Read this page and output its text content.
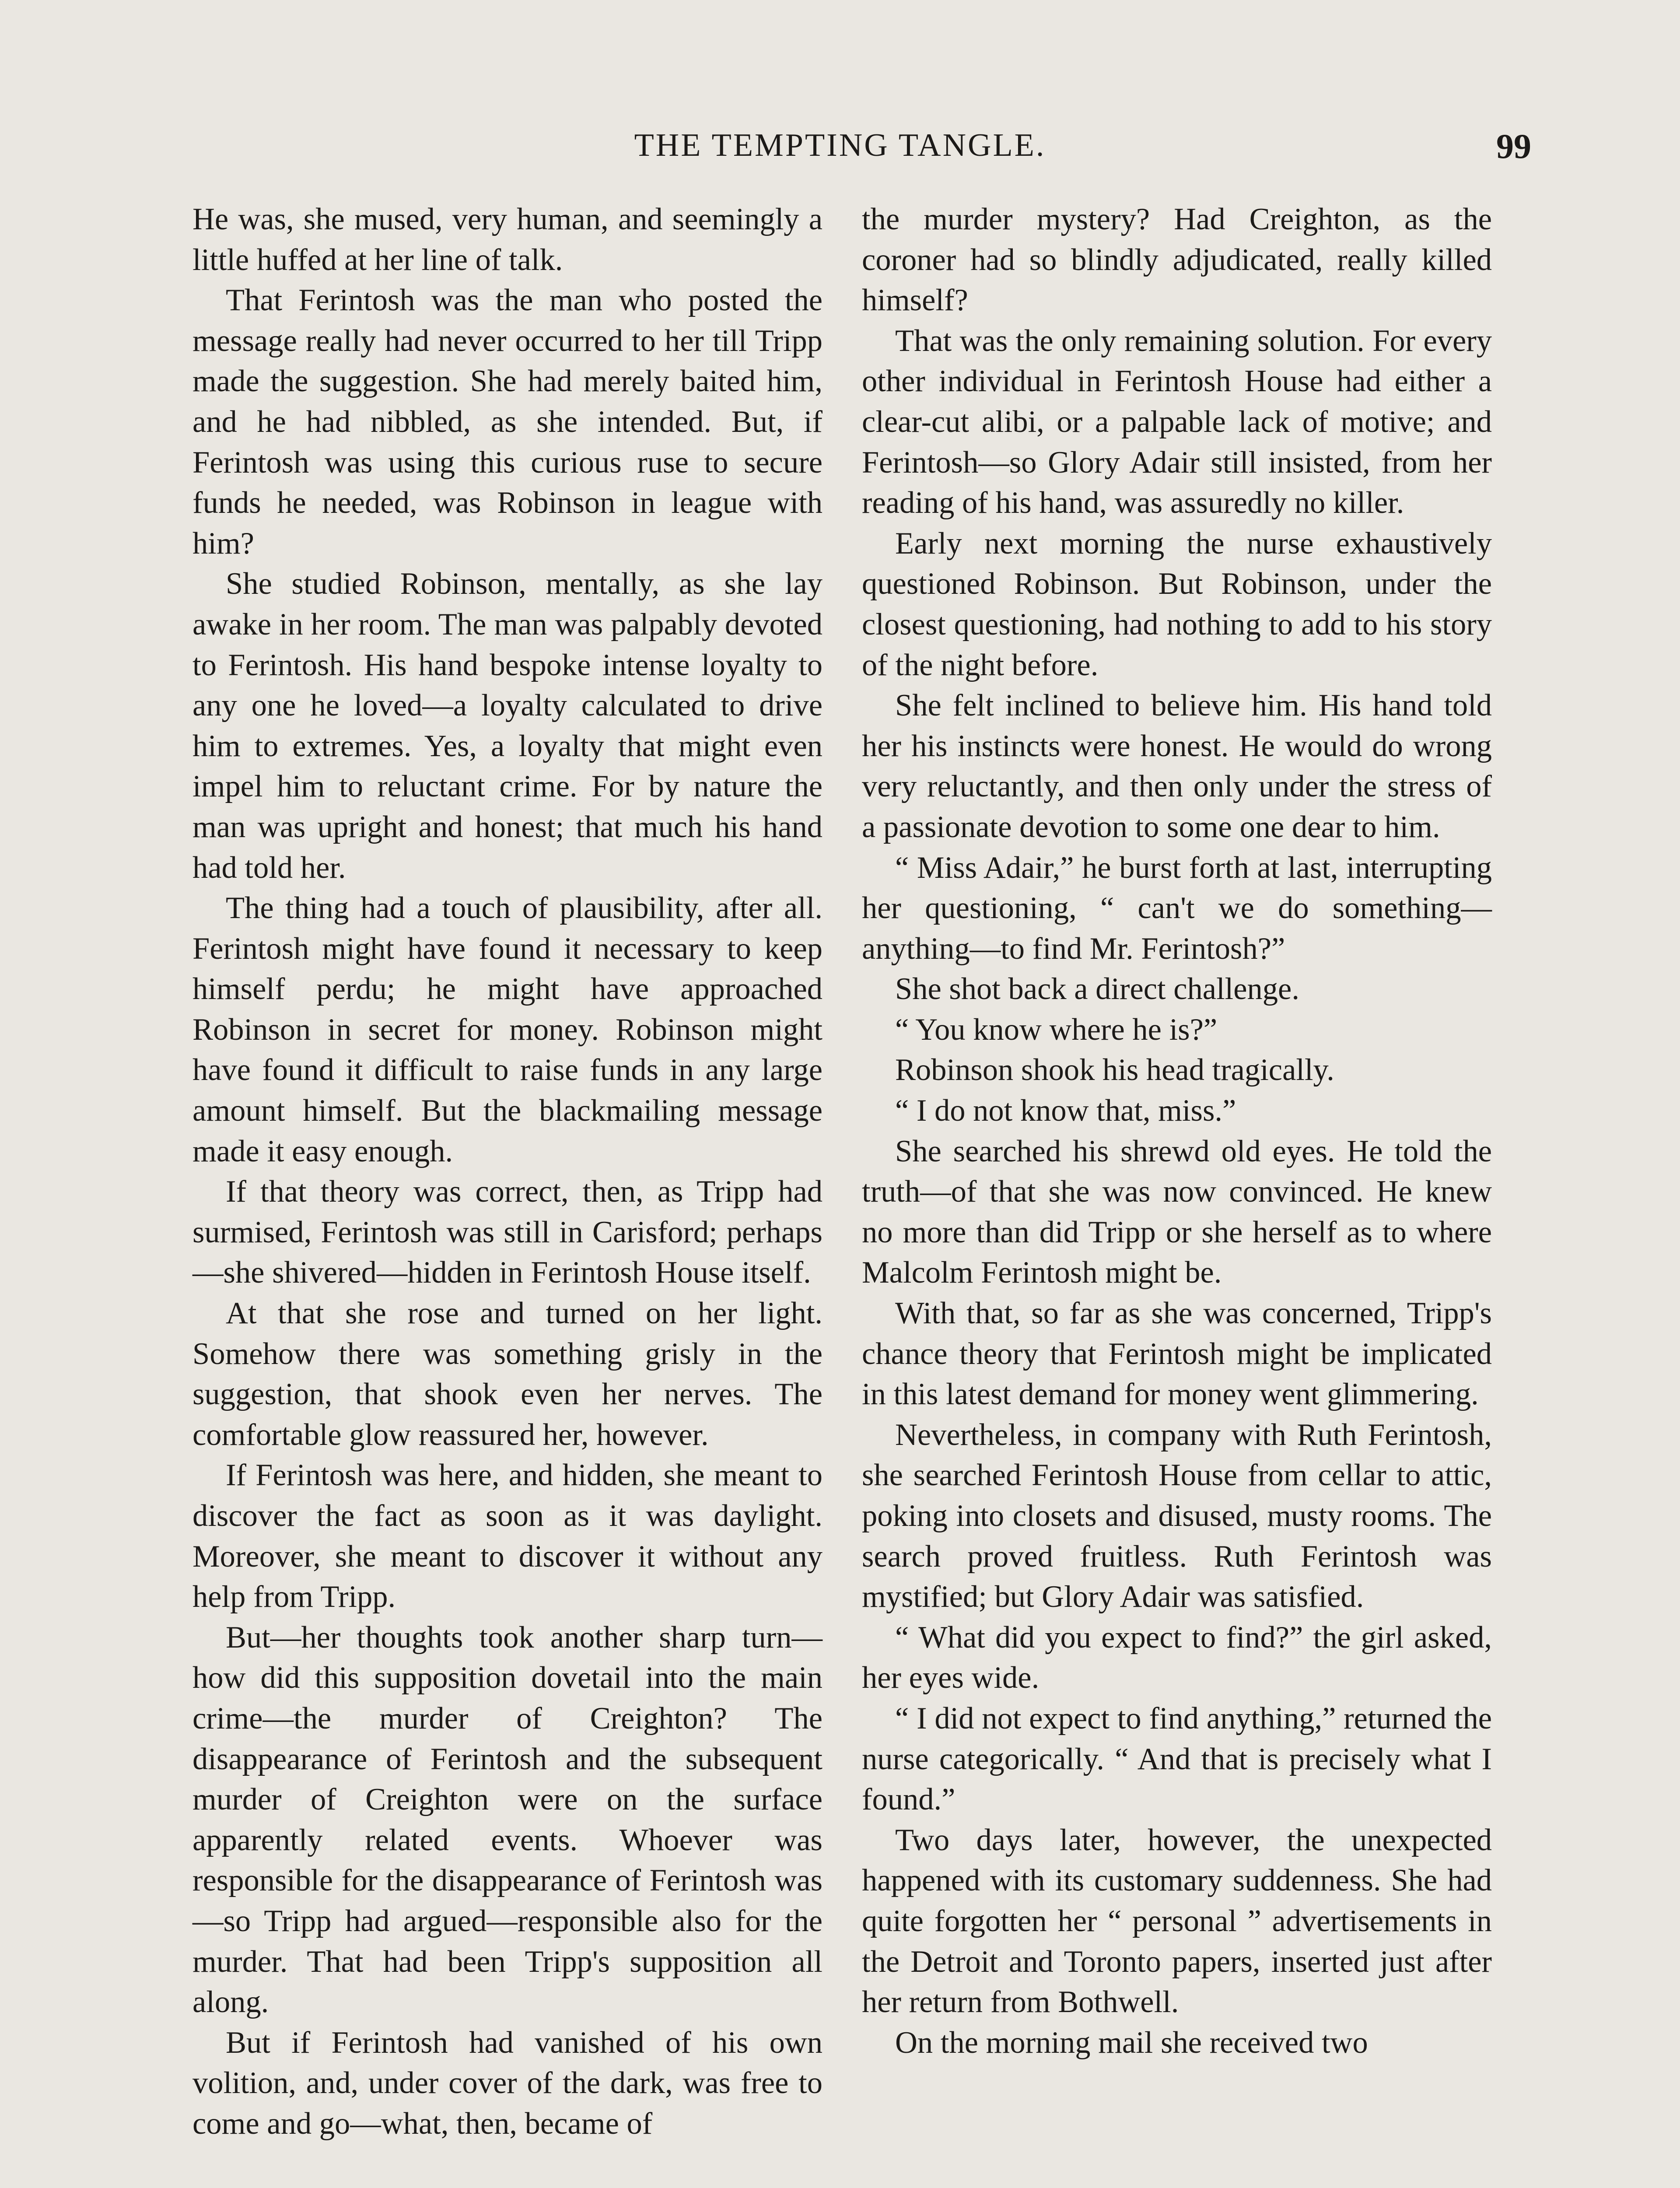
THE TEMPTING TANGLE.	99

He was, she mused, very human, and seemingly a little huffed at her line of talk.

That Ferintosh was the man who posted the message really had never occurred to her till Tripp made the suggestion. She had merely baited him, and he had nibbled, as she intended. But, if Ferintosh was using this curious ruse to secure funds he needed, was Robinson in league with him?

She studied Robinson, mentally, as she lay awake in her room. The man was palpably devoted to Ferintosh. His hand bespoke intense loyalty to any one he loved—a loyalty calculated to drive him to extremes. Yes, a loyalty that might even impel him to reluctant crime. For by nature the man was upright and honest; that much his hand had told her.

The thing had a touch of plausibility, after all. Ferintosh might have found it necessary to keep himself perdu; he might have approached Robinson in secret for money. Robinson might have found it difficult to raise funds in any large amount himself. But the blackmailing message made it easy enough.

If that theory was correct, then, as Tripp had surmised, Ferintosh was still in Carisford; perhaps—she shivered—hidden in Ferintosh House itself.

At that she rose and turned on her light. Somehow there was something grisly in the suggestion, that shook even her nerves. The comfortable glow reassured her, however.

If Ferintosh was here, and hidden, she meant to discover the fact as soon as it was daylight. Moreover, she meant to discover it without any help from Tripp.

But—her thoughts took another sharp turn—how did this supposition dovetail into the main crime—the murder of Creighton? The disappearance of Ferintosh and the subsequent murder of Creighton were on the surface apparently related events. Whoever was responsible for the disappearance of Ferintosh was—so Tripp had argued—responsible also for the murder. That had been Tripp's supposition all along.

But if Ferintosh had vanished of his own volition, and, under cover of the dark, was free to come and go—what, then, became of

the murder mystery? Had Creighton, as the coroner had so blindly adjudicated, really killed himself?

That was the only remaining solution. For every other individual in Ferintosh House had either a clear-cut alibi, or a palpable lack of motive; and Ferintosh—so Glory Adair still insisted, from her reading of his hand, was assuredly no killer.

Early next morning the nurse exhaustively questioned Robinson. But Robinson, under the closest questioning, had nothing to add to his story of the night before.

She felt inclined to believe him. His hand told her his instincts were honest. He would do wrong very reluctantly, and then only under the stress of a passionate devotion to some one dear to him.

“ Miss Adair,” he burst forth at last, interrupting her questioning, “ can't we do something—anything—to find Mr. Ferintosh?”

She shot back a direct challenge.

“ You know where he is?”

Robinson shook his head tragically.

“ I do not know that, miss.”

She searched his shrewd old eyes. He told the truth—of that she was now convinced. He knew no more than did Tripp or she herself as to where Malcolm Ferintosh might be.

With that, so far as she was concerned, Tripp's chance theory that Ferintosh might be implicated in this latest demand for money went glimmering.

Nevertheless, in company with Ruth Ferintosh, she searched Ferintosh House from cellar to attic, poking into closets and disused, musty rooms. The search proved fruitless. Ruth Ferintosh was mystified; but Glory Adair was satisfied.

“ What did you expect to find?” the girl asked, her eyes wide.

“ I did not expect to find anything,” returned the nurse categorically. “ And that is precisely what I found.”

Two days later, however, the unexpected happened with its customary suddenness. She had quite forgotten her “ personal ” advertisements in the Detroit and Toronto papers, inserted just after her return from Bothwell.

On the morning mail she received two
